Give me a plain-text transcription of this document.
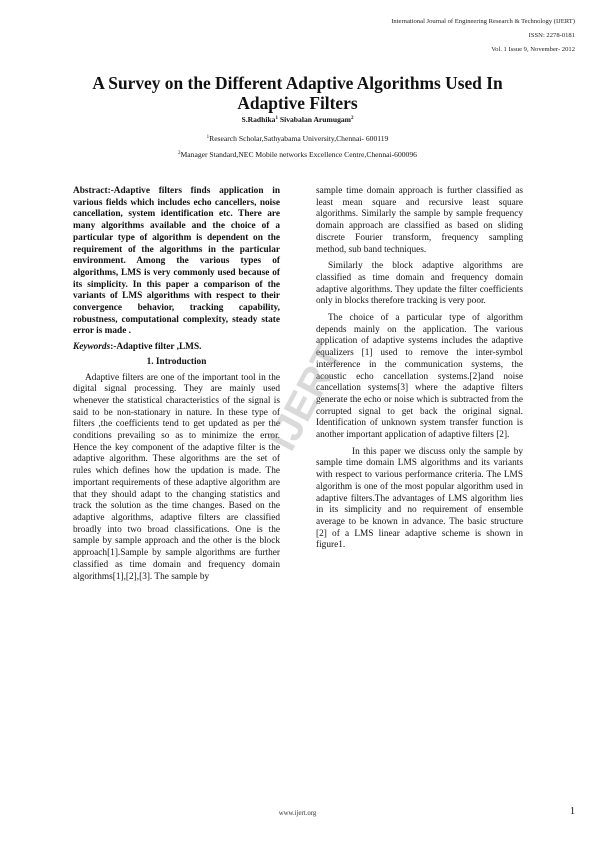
International Journal of Engineering Research & Technology (IJERT)
ISSN: 2278-0181
Vol. 1 Issue 9, November- 2012
A Survey on the Different Adaptive Algorithms Used In Adaptive Filters
S.Radhika$^1$ Sivabalan Arumugam$^2$
$^1$Research Scholar,Sathyabama University,Chennai- 600119
$^2$Manager Standard,NEC Mobile networks Excellence Centre,Chennai-600096

Abstract:-Adaptive filters finds application in various fields which includes echo cancellers, noise cancellation, system identification etc. There are many algorithms available and the choice of a particular type of algorithm is dependent on the requirement of the algorithms in the particular environment. Among the various types of algorithms, LMS is very commonly used because of its simplicity. In this paper a comparison of the variants of LMS algorithms with respect to their convergence behavior, tracking capability, robustness, computational complexity, steady state error is made .

Keywords:-Adaptive filter ,LMS.

1. Introduction

Adaptive filters are one of the important tool in the digital signal processing. They are mainly used whenever the statistical characteristics of the signal is said to be non-stationary in nature. In these type of filters ,the coefficients tend to get updated as per the conditions prevailing so as to minimize the error. Hence the key component of the adaptive filter is the adaptive algorithm. These algorithms are the set of rules which defines how the updation is made. The important requirements of these adaptive algorithm are that they should adapt to the changing statistics and track the solution as the time changes. Based on the adaptive algorithms, adaptive filters are classified broadly into two broad classifications. One is the sample by sample approach and the other is the block approach[1].Sample by sample algorithms are further classified as time domain and frequency domain algorithms[1],[2],[3]. The sample by

sample time domain approach is further classified as least mean square and recursive least square algorithms. Similarly the sample by sample frequency domain approach are classified as based on sliding discrete Fourier transform, frequency sampling method, sub band techniques.

Similarly the block adaptive algorithms are classified as time domain and frequency domain adaptive algorithms. They update the filter coefficients only in blocks therefore tracking is very poor.

The choice of a particular type of algorithm depends mainly on the application. The various application of adaptive systems includes the adaptive equalizers [1] used to remove the inter-symbol interference in the communication systems, the acoustic echo cancellation systems.[2]and noise cancellation systems[3] where the adaptive filters generate the echo or noise which is subtracted from the corrupted signal to get back the original signal. Identification of unknown system transfer function is another important application of adaptive filters [2].

In this paper we discuss only the sample by sample time domain LMS algorithms and its variants with respect to various performance criteria. The LMS algorithm is one of the most popular algorithm used in adaptive filters.The advantages of LMS algorithm lies in its simplicity and no requirement of ensemble average to be known in advance. The basic structure [2] of a LMS linear adaptive scheme is shown in figure1.

IJERT
www.ijert.org	1
